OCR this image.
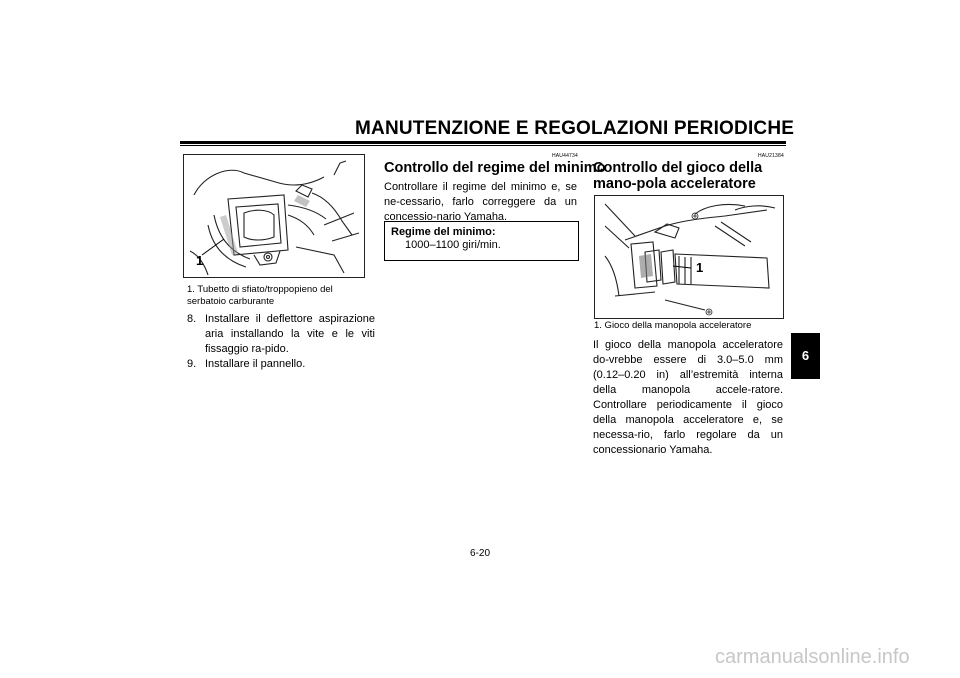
MANUTENZIONE E REGOLAZIONI PERIODICHE
1
1. Tubetto di sfiato/troppopieno del serbatoio carburante
8. Installare il deflettore aspirazione aria installando la vite e le viti fissaggio ra-pido.
9. Installare il pannello.
HAU44734
Controllo del regime del minimo
Controllare il regime del minimo e, se ne-cessario, farlo correggere da un concessio-nario Yamaha.
Regime del minimo:
1000–1100 giri/min.
HAU21384
Controllo del gioco della mano-pola acceleratore
1
1. Gioco della manopola acceleratore
Il gioco della manopola acceleratore do-vrebbe essere di 3.0–5.0 mm (0.12–0.20 in) all’estremità interna della manopola accele-ratore. Controllare periodicamente il gioco della manopola acceleratore e, se necessa-rio, farlo regolare da un concessionario Yamaha.
6
6-20
carmanualsonline.info
